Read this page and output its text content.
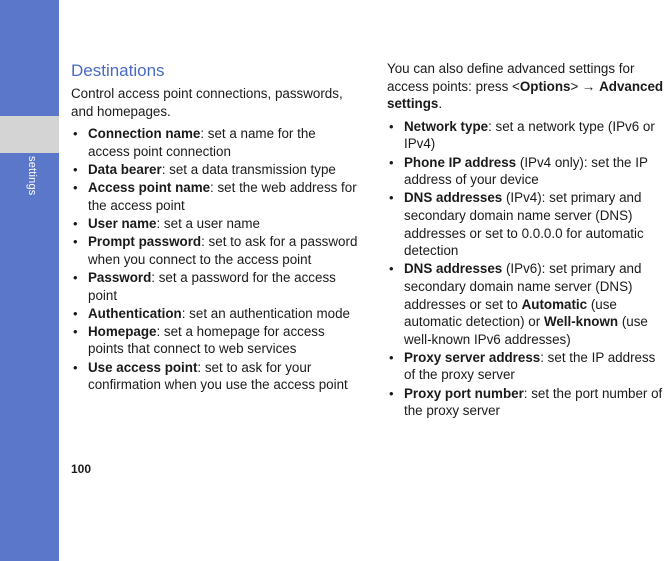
settings
Destinations

Control access point connections, passwords, and homepages.

• Connection name: set a name for the access point connection
• Data bearer: set a data transmission type
• Access point name: set the web address for the access point
• User name: set a user name
• Prompt password: set to ask for a password when you connect to the access point
• Password: set a password for the access point
• Authentication: set an authentication mode
• Homepage: set a homepage for access points that connect to web services
• Use access point: set to ask for your confirmation when you use the access point

You can also define advanced settings for access points: press <Options> → Advanced settings.

• Network type: set a network type (IPv6 or IPv4)
• Phone IP address (IPv4 only): set the IP address of your device
• DNS addresses (IPv4): set primary and secondary domain name server (DNS) addresses or set to 0.0.0.0 for automatic detection
• DNS addresses (IPv6): set primary and secondary domain name server (DNS) addresses or set to Automatic (use automatic detection) or Well-known (use well-known IPv6 addresses)
• Proxy server address: set the IP address of the proxy server
• Proxy port number: set the port number of the proxy server
100
